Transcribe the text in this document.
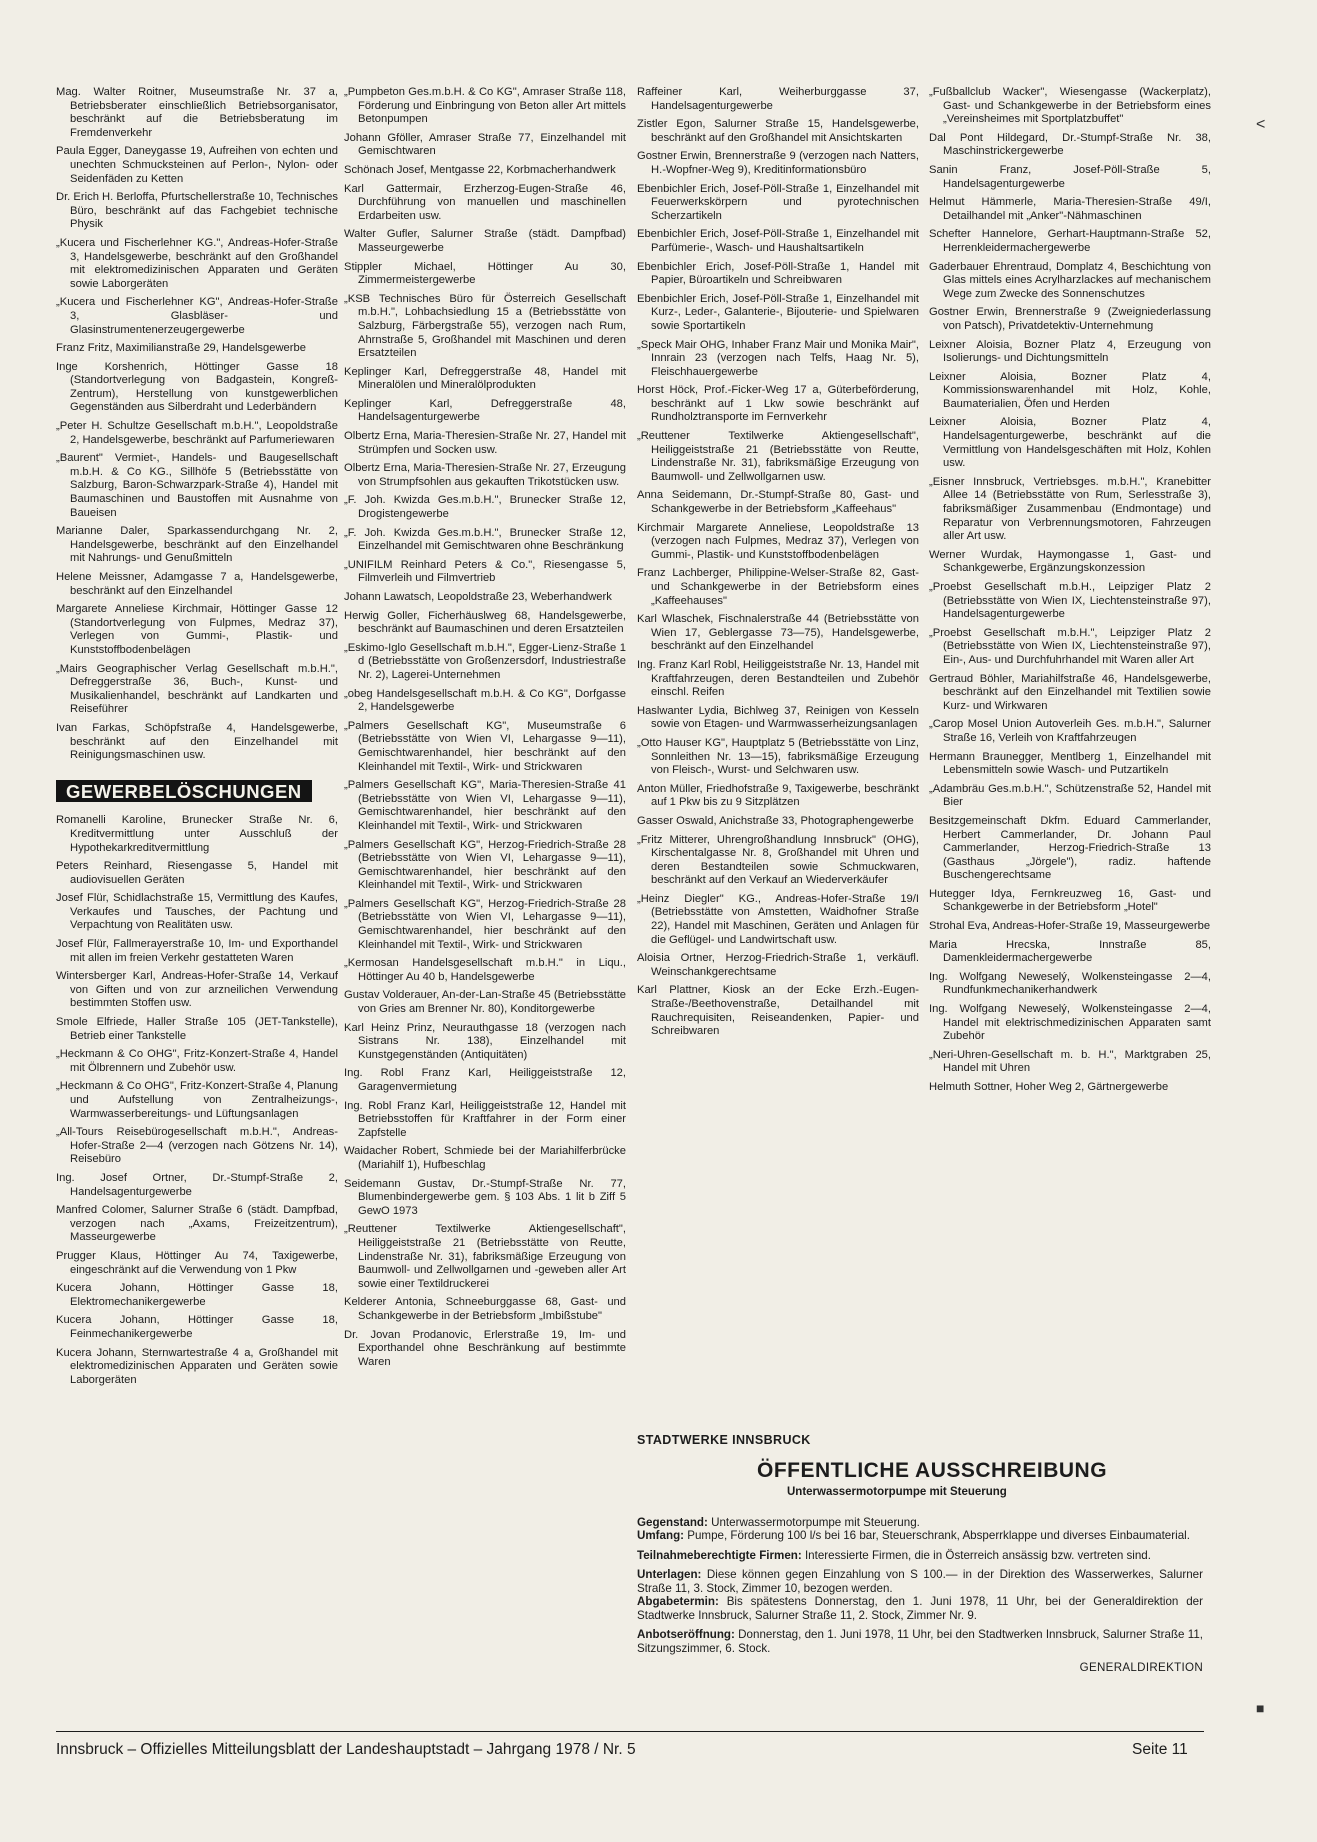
Mag. Walter Roitner, Museumstraße Nr. 37 a, Betriebsberater einschließlich Betriebsorganisator, beschränkt auf die Betriebsberatung im Fremdenverkehr
Paula Egger, Daneygasse 19, Aufreihen von echten und unechten Schmucksteinen auf Perlon-, Nylon- oder Seidenfäden zu Ketten
Dr. Erich H. Berloffa, Pfurtschellerstraße 10, Technisches Büro, beschränkt auf das Fachgebiet technische Physik
„Kucera und Fischerlehner KG.", Andreas-Hofer-Straße 3, Handelsgewerbe, beschränkt auf den Großhandel mit elektromedizinischen Apparaten und Geräten sowie Laborgeräten
„Kucera und Fischerlehner KG", Andreas-Hofer-Straße 3, Glasbläser- und Glasinstrumentenerzeugergewerbe
Franz Fritz, Maximilianstraße 29, Handelsgewerbe
Inge Korshenrich, Höttinger Gasse 18 (Standortverlegung von Badgastein, Kongreß-Zentrum), Herstellung von kunstgewerblichen Gegenständen aus Silberdraht und Lederbändern
„Peter H. Schultze Gesellschaft m.b.H.", Leopoldstraße 2, Handelsgewerbe, beschränkt auf Parfumeriewaren
„Baurent" Vermiet-, Handels- und Baugesellschaft m.b.H. & Co KG., Sillhöfe 5 (Betriebsstätte von Salzburg, Baron-Schwarzpark-Straße 4), Handel mit Baumaschinen und Baustoffen mit Ausnahme von Baueisen
Marianne Daler, Sparkassendurchgang Nr. 2, Handelsgewerbe, beschränkt auf den Einzelhandel mit Nahrungs- und Genußmitteln
Helene Meissner, Adamgasse 7 a, Handelsgewerbe, beschränkt auf den Einzelhandel
Margarete Anneliese Kirchmair, Höttinger Gasse 12 (Standortverlegung von Fulpmes, Medraz 37), Verlegen von Gummi-, Plastik- und Kunststoffbodenbelägen
„Mairs Geographischer Verlag Gesellschaft m.b.H.", Defreggerstraße 36, Buch-, Kunst- und Musikalienhandel, beschränkt auf Landkarten und Reiseführer
Ivan Farkas, Schöpfstraße 4, Handelsgewerbe, beschränkt auf den Einzelhandel mit Reinigungsmaschinen usw.
GEWERBELÖSCHUNGEN
Romanelli Karoline, Brunecker Straße Nr. 6, Kreditvermittlung unter Ausschluß der Hypothekarkreditvermittlung
Peters Reinhard, Riesengasse 5, Handel mit audiovisuellen Geräten
Josef Flür, Schidlachstraße 15, Vermittlung des Kaufes, Verkaufes und Tausches, der Pachtung und Verpachtung von Realitäten usw.
Josef Flür, Fallmerayerstraße 10, Im- und Exporthandel mit allen im freien Verkehr gestatteten Waren
Wintersberger Karl, Andreas-Hofer-Straße 14, Verkauf von Giften und von zur arzneilichen Verwendung bestimmten Stoffen usw.
Smole Elfriede, Haller Straße 105 (JET-Tankstelle), Betrieb einer Tankstelle
„Heckmann & Co OHG", Fritz-Konzert-Straße 4, Handel mit Ölbrennern und Zubehör usw.
„Heckmann & Co OHG", Fritz-Konzert-Straße 4, Planung und Aufstellung von Zentralheizungs-, Warmwasserbereitungs- und Lüftungsanlagen
„All-Tours Reisebürogesellschaft m.b.H.", Andreas-Hofer-Straße 2—4 (verzogen nach Götzens Nr. 14), Reisebüro
Ing. Josef Ortner, Dr.-Stumpf-Straße 2, Handelsagenturgewerbe
Manfred Colomer, Salurner Straße 6 (städt. Dampfbad, verzogen nach „Axams, Freizeitzentrum), Masseurgewerbe
Prugger Klaus, Höttinger Au 74, Taxigewerbe, eingeschränkt auf die Verwendung von 1 Pkw
Kucera Johann, Höttinger Gasse 18, Elektromechanikergewerbe
Kucera Johann, Höttinger Gasse 18, Feinmechanikergewerbe
Kucera Johann, Sternwartestraße 4 a, Großhandel mit elektromedizinischen Apparaten und Geräten sowie Laborgeräten
„Pumpbeton Ges.m.b.H. & Co KG", Amraser Straße 118, Förderung und Einbringung von Beton aller Art mittels Betonpumpen
Johann Gföller, Amraser Straße 77, Einzelhandel mit Gemischtwaren
Schönach Josef, Mentgasse 22, Korbmacherhandwerk
Karl Gattermair, Erzherzog-Eugen-Straße 46, Durchführung von manuellen und maschinellen Erdarbeiten usw.
Walter Gufler, Salurner Straße (städt. Dampfbad) Masseurgewerbe
Stippler Michael, Höttinger Au 30, Zimmermeistergewerbe
„KSB Technisches Büro für Österreich Gesellschaft m.b.H.", Lohbachsiedlung 15 a (Betriebsstätte von Salzburg, Färbergstraße 55), verzogen nach Rum, Ahrnstraße 5, Großhandel mit Maschinen und deren Ersatzteilen
Keplinger Karl, Defreggerstraße 48, Handel mit Mineralölen und Mineralölprodukten
Keplinger Karl, Defreggerstraße 48, Handelsagenturgewerbe
Olbertz Erna, Maria-Theresien-Straße Nr. 27, Handel mit Strümpfen und Socken usw.
Olbertz Erna, Maria-Theresien-Straße Nr. 27, Erzeugung von Strumpfsohlen aus gekauften Trikotstücken usw.
„F. Joh. Kwizda Ges.m.b.H.", Brunecker Straße 12, Drogistengewerbe
„F. Joh. Kwizda Ges.m.b.H.", Brunecker Straße 12, Einzelhandel mit Gemischtwaren ohne Beschränkung
„UNIFILM Reinhard Peters & Co.", Riesengasse 5, Filmverleih und Filmvertrieb
Johann Lawatsch, Leopoldstraße 23, Weberhandwerk
Herwig Goller, Ficherhäuslweg 68, Handelsgewerbe, beschränkt auf Baumaschinen und deren Ersatzteilen
„Eskimo-Iglo Gesellschaft m.b.H.", Egger-Lienz-Straße 1 d (Betriebsstätte von Großenzersdorf, Industriestraße Nr. 2), Lagerei-Unternehmen
„obeg Handelsgesellschaft m.b.H. & Co KG", Dorfgasse 2, Handelsgewerbe
„Palmers Gesellschaft KG", Museumstraße 6 (Betriebsstätte von Wien VI, Lehargasse 9—11), Gemischtwarenhandel, hier beschränkt auf den Kleinhandel mit Textil-, Wirk- und Strickwaren
„Palmers Gesellschaft KG", Maria-Theresien-Straße 41 (Betriebsstätte von Wien VI, Lehargasse 9—11), Gemischtwarenhandel, hier beschränkt auf den Kleinhandel mit Textil-, Wirk- und Strickwaren
„Palmers Gesellschaft KG", Herzog-Friedrich-Straße 28 (Betriebsstätte von Wien VI, Lehargasse 9—11), Gemischtwarenhandel, hier beschränkt auf den Kleinhandel mit Textil-, Wirk- und Strickwaren
„Palmers Gesellschaft KG", Herzog-Friedrich-Straße 28 (Betriebsstätte von Wien VI, Lehargasse 9—11), Gemischtwarenhandel, hier beschränkt auf den Kleinhandel mit Textil-, Wirk- und Strickwaren
„Kermosan Handelsgesellschaft m.b.H." in Liqu., Höttinger Au 40 b, Handelsgewerbe
Gustav Volderauer, An-der-Lan-Straße 45 (Betriebsstätte von Gries am Brenner Nr. 80), Konditorgewerbe
Karl Heinz Prinz, Neurauthgasse 18 (verzogen nach Sistrans Nr. 138), Einzelhandel mit Kunstgegenständen (Antiquitäten)
Ing. Robl Franz Karl, Heiliggeiststraße 12, Garagenvermietung
Ing. Robl Franz Karl, Heiliggeiststraße 12, Handel mit Betriebsstoffen für Kraftfahrer in der Form einer Zapfstelle
Waidacher Robert, Schmiede bei der Mariahilferbrücke (Mariahilf 1), Hufbeschlag
Seidemann Gustav, Dr.-Stumpf-Straße Nr. 77, Blumenbindergewerbe gem. § 103 Abs. 1 lit b Ziff 5 GewO 1973
„Reuttener Textilwerke Aktiengesellschaft", Heiliggeiststraße 21 (Betriebsstätte von Reutte, Lindenstraße Nr. 31), fabriksmäßige Erzeugung von Baumwoll- und Zellwollgarnen und -geweben aller Art sowie einer Textildruckerei
Kelderer Antonia, Schneeburggasse 68, Gast- und Schankgewerbe in der Betriebsform „Imbißstube"
Dr. Jovan Prodanovic, Erlerstraße 19, Im- und Exporthandel ohne Beschränkung auf bestimmte Waren
Raffeiner Karl, Weiherburggasse 37, Handelsagenturgewerbe
Zistler Egon, Salurner Straße 15, Handelsgewerbe, beschränkt auf den Großhandel mit Ansichtskarten
Gostner Erwin, Brennerstraße 9 (verzogen nach Natters, H.-Wopfner-Weg 9), Kreditinformationsbüro
Ebenbichler Erich, Josef-Pöll-Straße 1, Einzelhandel mit Feuerwerkskörpern und pyrotechnischen Scherzartikeln
Ebenbichler Erich, Josef-Pöll-Straße 1, Einzelhandel mit Parfümerie-, Wasch- und Haushaltsartikeln
Ebenbichler Erich, Josef-Pöll-Straße 1, Handel mit Papier, Büroartikeln und Schreibwaren
Ebenbichler Erich, Josef-Pöll-Straße 1, Einzelhandel mit Kurz-, Leder-, Galanterie-, Bijouterie- und Spielwaren sowie Sportartikeln
„Speck Mair OHG, Inhaber Franz Mair und Monika Mair", Innrain 23 (verzogen nach Telfs, Haag Nr. 5), Fleischhauergewerbe
Horst Höck, Prof.-Ficker-Weg 17 a, Güterbeförderung, beschränkt auf 1 Lkw sowie beschränkt auf Rundholztransporte im Fernverkehr
„Reuttener Textilwerke Aktiengesellschaft", Heiliggeiststraße 21 (Betriebsstätte von Reutte, Lindenstraße Nr. 31), fabriksmäßige Erzeugung von Baumwoll- und Zellwollgarnen usw.
Anna Seidemann, Dr.-Stumpf-Straße 80, Gast- und Schankgewerbe in der Betriebsform „Kaffeehaus"
Kirchmair Margarete Anneliese, Leopoldstraße 13 (verzogen nach Fulpmes, Medraz 37), Verlegen von Gummi-, Plastik- und Kunststoffbodenbelägen
Franz Lachberger, Philippine-Welser-Straße 82, Gast- und Schankgewerbe in der Betriebsform eines „Kaffeehauses"
Karl Wlaschek, Fischnalerstraße 44 (Betriebsstätte von Wien 17, Geblergasse 73—75), Handelsgewerbe, beschränkt auf den Einzelhandel
Ing. Franz Karl Robl, Heiliggeiststraße Nr. 13, Handel mit Kraftfahrzeugen, deren Bestandteilen und Zubehör einschl. Reifen
Haslwanter Lydia, Bichlweg 37, Reinigen von Kesseln sowie von Etagen- und Warmwasserheizungsanlagen
„Otto Hauser KG", Hauptplatz 5 (Betriebsstätte von Linz, Sonnleithen Nr. 13—15), fabriksmäßige Erzeugung von Fleisch-, Wurst- und Selchwaren usw.
Anton Müller, Friedhofstraße 9, Taxigewerbe, beschränkt auf 1 Pkw bis zu 9 Sitzplätzen
Gasser Oswald, Anichstraße 33, Photographengewerbe
„Fritz Mitterer, Uhrengroßhandlung Innsbruck" (OHG), Kirschentalgasse Nr. 8, Großhandel mit Uhren und deren Bestandteilen sowie Schmuckwaren, beschränkt auf den Verkauf an Wiederverkäufer
„Heinz Diegler" KG., Andreas-Hofer-Straße 19/I (Betriebsstätte von Amstetten, Waidhofner Straße 22), Handel mit Maschinen, Geräten und Anlagen für die Geflügel- und Landwirtschaft usw.
Aloisia Ortner, Herzog-Friedrich-Straße 1, verkäufl. Weinschankgerechtsame
Karl Plattner, Kiosk an der Ecke Erzh.-Eugen-Straße-/Beethovenstraße, Detailhandel mit Rauchrequisiten, Reiseandenken, Papier- und Schreibwaren
„Fußballclub Wacker", Wiesengasse (Wackerplatz), Gast- und Schankgewerbe in der Betriebsform eines „Vereinsheimes mit Sportplatzbuffet"
Dal Pont Hildegard, Dr.-Stumpf-Straße Nr. 38, Maschinstrickergewerbe
Sanin Franz, Josef-Pöll-Straße 5, Handelsagenturgewerbe
Helmut Hämmerle, Maria-Theresien-Straße 49/I, Detailhandel mit „Anker"-Nähmaschinen
Schefter Hannelore, Gerhart-Hauptmann-Straße 52, Herrenkleidermachergewerbe
Gaderbauer Ehrentraud, Domplatz 4, Beschichtung von Glas mittels eines Acrylharzlackes auf mechanischem Wege zum Zwecke des Sonnenschutzes
Gostner Erwin, Brennerstraße 9 (Zweigniederlassung von Patsch), Privatdetektiv-Unternehmung
Leixner Aloisia, Bozner Platz 4, Erzeugung von Isolierungs- und Dichtungsmitteln
Leixner Aloisia, Bozner Platz 4, Kommissionswarenhandel mit Holz, Kohle, Baumaterialien, Öfen und Herden
Leixner Aloisia, Bozner Platz 4, Handelsagenturgewerbe, beschränkt auf die Vermittlung von Handelsgeschäften mit Holz, Kohlen usw.
„Eisner Innsbruck, Vertriebsges. m.b.H.", Kranebitter Allee 14 (Betriebsstätte von Rum, Serlesstraße 3), fabriksmäßiger Zusammenbau (Endmontage) und Reparatur von Verbrennungsmotoren, Fahrzeugen aller Art usw.
Werner Wurdak, Haymongasse 1, Gast- und Schankgewerbe, Ergänzungskonzession
„Proebst Gesellschaft m.b.H., Leipziger Platz 2 (Betriebsstätte von Wien IX, Liechtensteinstraße 97), Handelsagenturgewerbe
„Proebst Gesellschaft m.b.H.", Leipziger Platz 2 (Betriebsstätte von Wien IX, Liechtensteinstraße 97), Ein-, Aus- und Durchfuhrhandel mit Waren aller Art
Gertraud Böhler, Mariahilfstraße 46, Handelsgewerbe, beschränkt auf den Einzelhandel mit Textilien sowie Kurz- und Wirkwaren
„Carop Mosel Union Autoverleih Ges. m.b.H.", Salurner Straße 16, Verleih von Kraftfahrzeugen
Hermann Braunegger, Mentlberg 1, Einzelhandel mit Lebensmitteln sowie Wasch- und Putzartikeln
„Adambräu Ges.m.b.H.", Schützenstraße 52, Handel mit Bier
Besitzgemeinschaft Dkfm. Eduard Cammerlander, Herbert Cammerlander, Dr. Johann Paul Cammerlander, Herzog-Friedrich-Straße 13 (Gasthaus „Jörgele"), radiz. haftende Buschengerechtsame
Hutegger Idya, Fernkreuzweg 16, Gast- und Schankgewerbe in der Betriebsform „Hotel"
Strohal Eva, Andreas-Hofer-Straße 19, Masseurgewerbe
Maria Hrecska, Innstraße 85, Damenkleidermachergewerbe
Ing. Wolfgang Neweselý, Wolkensteingasse 2—4, Rundfunkmechanikerhandwerk
Ing. Wolfgang Neweselý, Wolkensteingasse 2—4, Handel mit elektrischmedizinischen Apparaten samt Zubehör
„Neri-Uhren-Gesellschaft m. b. H.", Marktgraben 25, Handel mit Uhren
Helmuth Sottner, Hoher Weg 2, Gärtnergewerbe
STADTWERKE INNSBRUCK
ÖFFENTLICHE AUSSCHREIBUNG
Unterwassermotorpumpe mit Steuerung

Gegenstand: Unterwassermotorpumpe mit Steuerung.
Umfang: Pumpe, Förderung 100 l/s bei 16 bar, Steuerschrank, Absperrklappe und diverses Einbaumaterial.

Teilnahmeberechtigte Firmen: Interessierte Firmen, die in Österreich ansässig bzw. vertreten sind.

Unterlagen: Diese können gegen Einzahlung von S 100.— in der Direktion des Wasserwerkes, Salurner Straße 11, 3. Stock, Zimmer 10, bezogen werden.
Abgabetermin: Bis spätestens Donnerstag, den 1. Juni 1978, 11 Uhr, bei der Generaldirektion der Stadtwerke Innsbruck, Salurner Straße 11, 2. Stock, Zimmer Nr. 9.

Anbotseröffnung: Donnerstag, den 1. Juni 1978, 11 Uhr, bei den Stadtwerken Innsbruck, Salurner Straße 11, Sitzungszimmer, 6. Stock.

GENERALDIREKTION
<
■
Innsbruck – Offizielles Mitteilungsblatt der Landeshauptstadt – Jahrgang 1978 / Nr. 5	Seite 11
